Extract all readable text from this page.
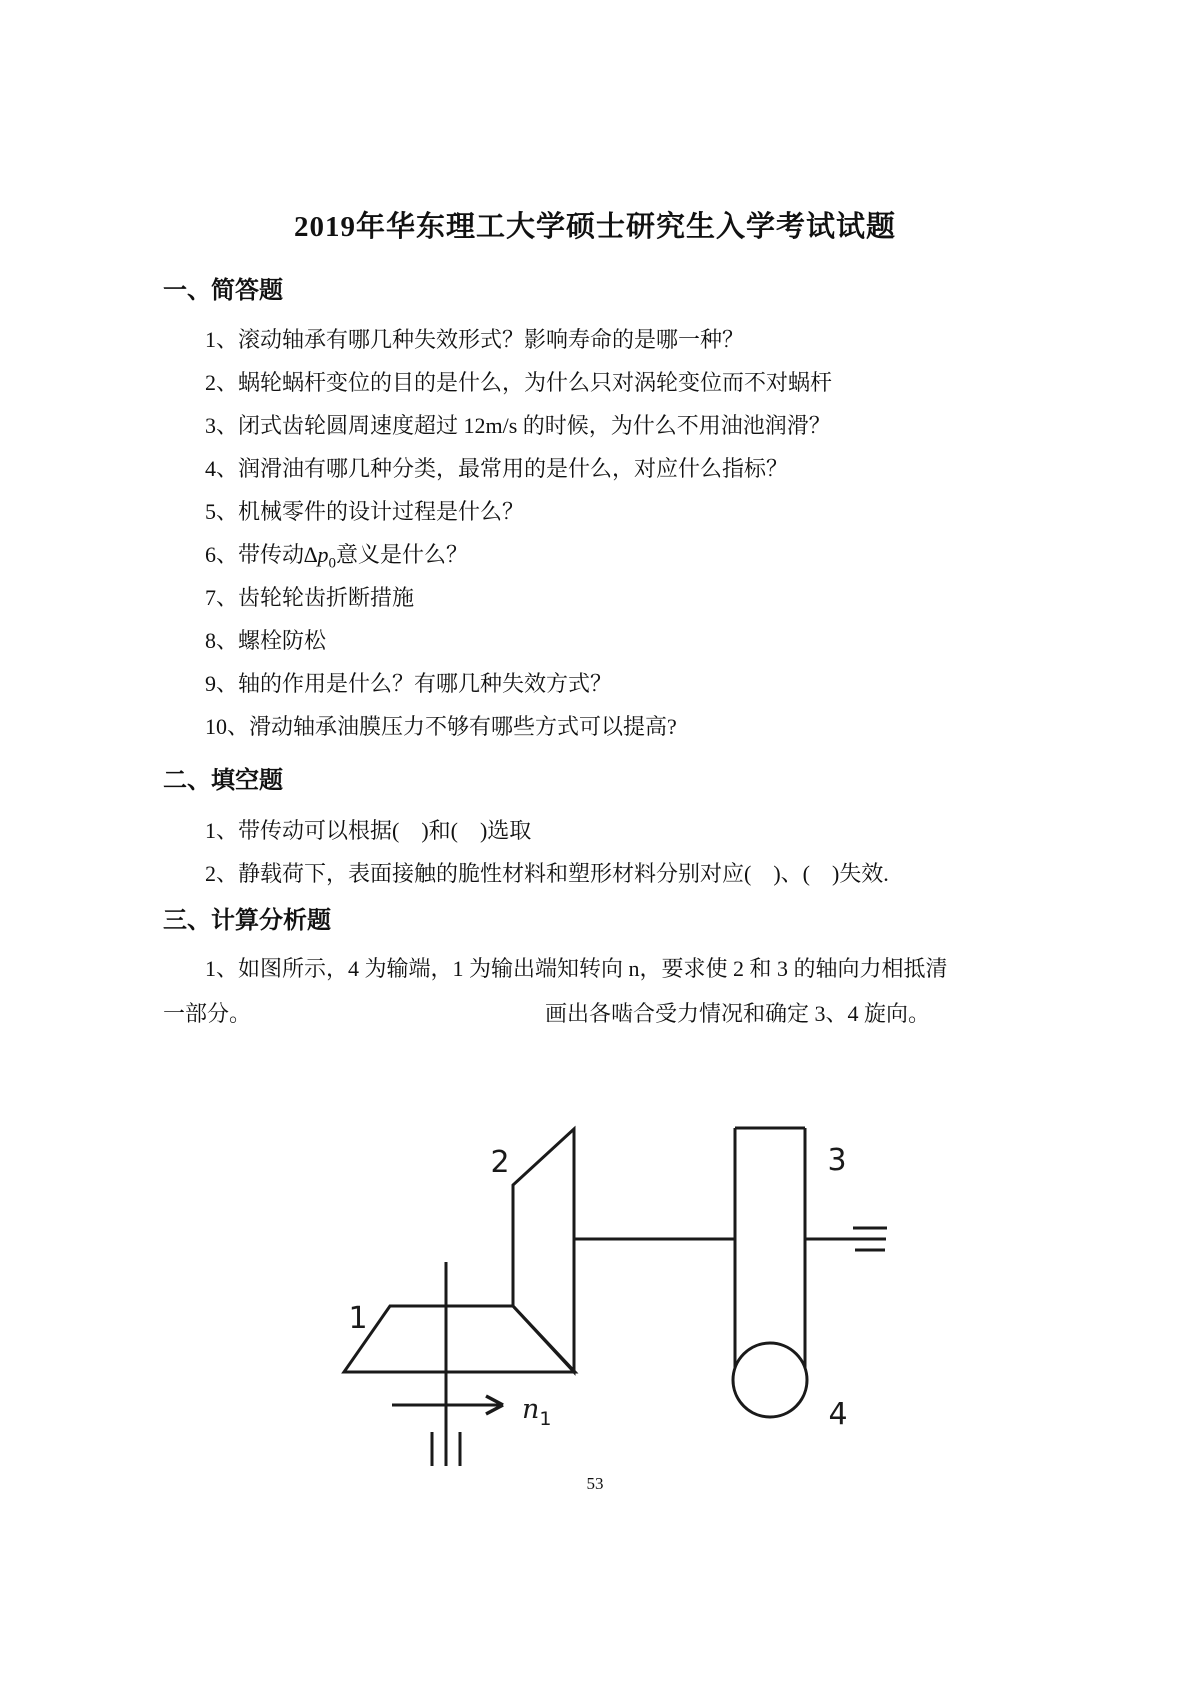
2019年华东理工大学硕士研究生入学考试试题
一、简答题

1、滚动轴承有哪几种失效形式？影响寿命的是哪一种？

2、蜗轮蜗杆变位的目的是什么，为什么只对涡轮变位而不对蜗杆

3、闭式齿轮圆周速度超过 12m/s 的时候，为什么不用油池润滑？

4、润滑油有哪几种分类，最常用的是什么，对应什么指标？

5、机械零件的设计过程是什么？

6、带传动$\Delta p_0$意义是什么？

7、齿轮轮齿折断措施

8、螺栓防松

9、轴的作用是什么？有哪几种失效方式？

10、滑动轴承油膜压力不够有哪些方式可以提高?

二、填空题

1、带传动可以根据(    )和(    )选取

2、静载荷下，表面接触的脆性材料和塑形材料分别对应(    )、(    )失效.

三、计算分析题

1、如图所示，4 为输端，1 为输出端知转向 n，要求使 2 和 3 的轴向力相抵清

一部分。	画出各啮合受力情况和确定 3、4 旋向。

2
1
3
4
$n_1$
53
